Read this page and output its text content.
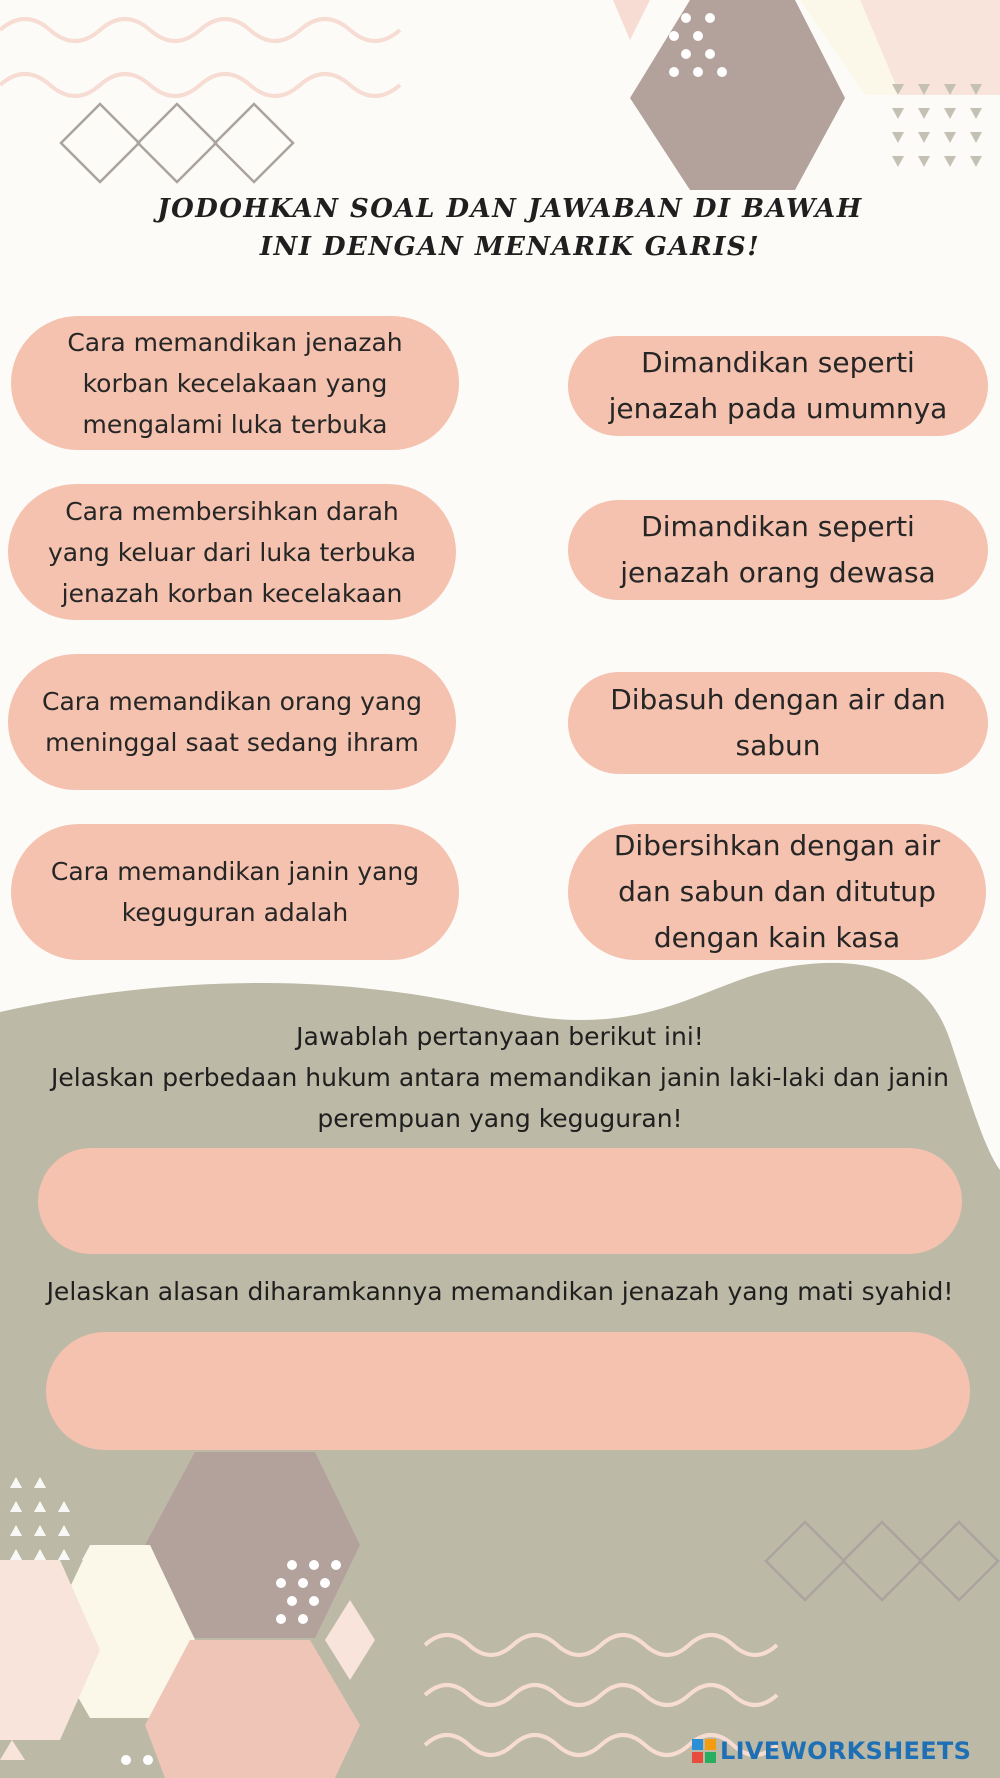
JODOHKAN SOAL DAN JAWABAN DI BAWAH INI DENGAN MENARIK GARIS!
Cara memandikan jenazah korban kecelakaan yang mengalami luka terbuka
Cara membersihkan darah yang keluar dari luka terbuka jenazah korban kecelakaan
Cara memandikan orang yang meninggal saat sedang ihram
Cara memandikan janin yang keguguran adalah
Dimandikan seperti jenazah pada umumnya
Dimandikan seperti jenazah orang dewasa
Dibasuh dengan air dan sabun
Dibersihkan dengan air dan sabun dan ditutup dengan kain kasa
Jawablah pertanyaan berikut ini!
Jelaskan perbedaan hukum antara memandikan janin laki-laki dan janin perempuan yang keguguran!
Jelaskan alasan diharamkannya memandikan jenazah yang mati syahid!
LIVEWORKSHEETS
